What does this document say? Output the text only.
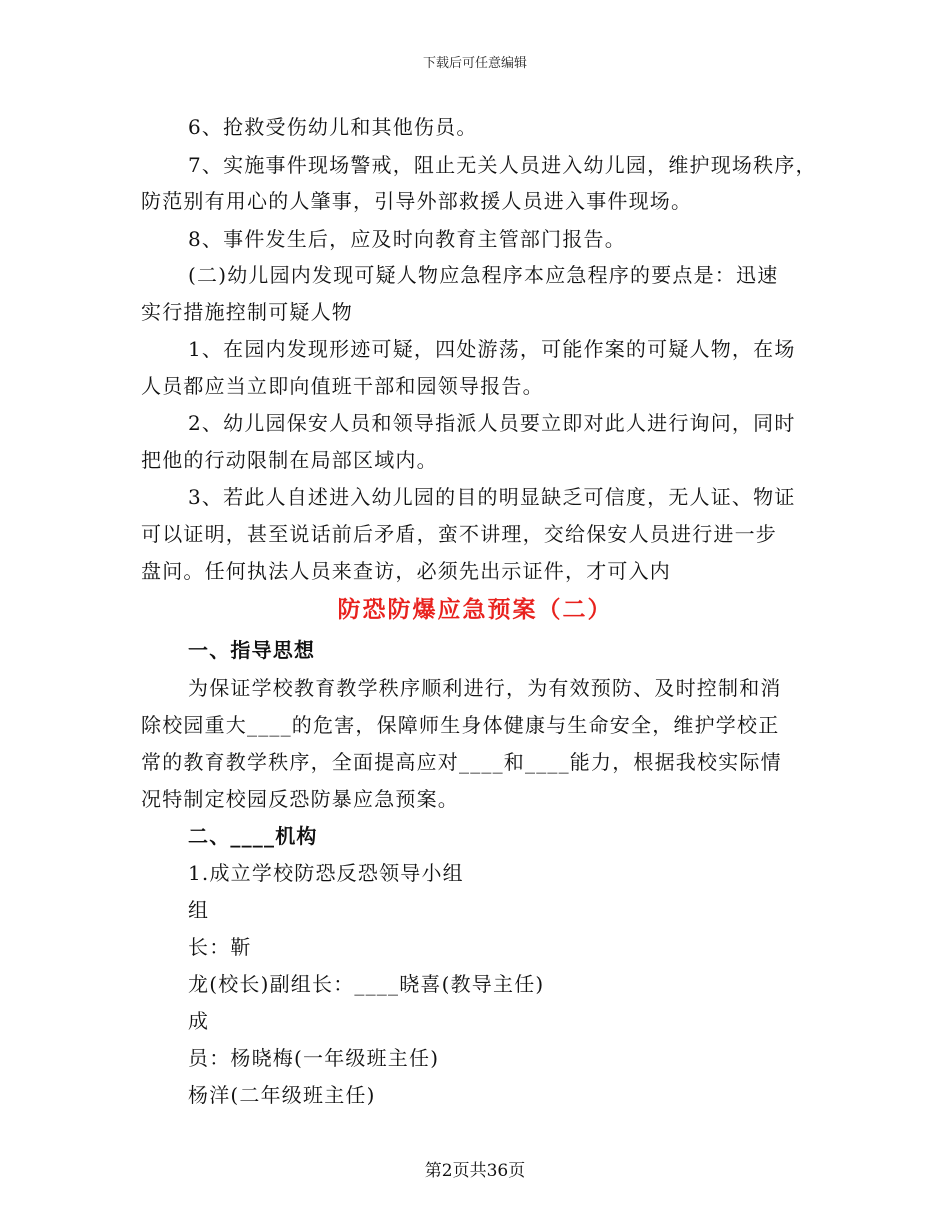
下载后可任意编辑
6、抢救受伤幼儿和其他伤员。
7、实施事件现场警戒，阻止无关人员进入幼儿园，维护现场秩序，
防范别有用心的人肇事，引导外部救援人员进入事件现场。
8、事件发生后，应及时向教育主管部门报告。
(二)幼儿园内发现可疑人物应急程序本应急程序的要点是：迅速
实行措施控制可疑人物
1、在园内发现形迹可疑，四处游荡，可能作案的可疑人物，在场
人员都应当立即向值班干部和园领导报告。
2、幼儿园保安人员和领导指派人员要立即对此人进行询问，同时
把他的行动限制在局部区域内。
3、若此人自述进入幼儿园的目的明显缺乏可信度，无人证、物证
可以证明，甚至说话前后矛盾，蛮不讲理，交给保安人员进行进一步
盘问。任何执法人员来查访，必须先出示证件，才可入内
防恐防爆应急预案（二）
一、指导思想
为保证学校教育教学秩序顺利进行，为有效预防、及时控制和消
除校园重大____的危害，保障师生身体健康与生命安全，维护学校正
常的教育教学秩序，全面提高应对____和____能力，根据我校实际情
况特制定校园反恐防暴应急预案。
二、____机构
1.成立学校防恐反恐领导小组
组
长：靳
龙(校长)副组长：____晓喜(教导主任)
成
员：杨晓梅(一年级班主任)
杨洋(二年级班主任)
第2页共36页
